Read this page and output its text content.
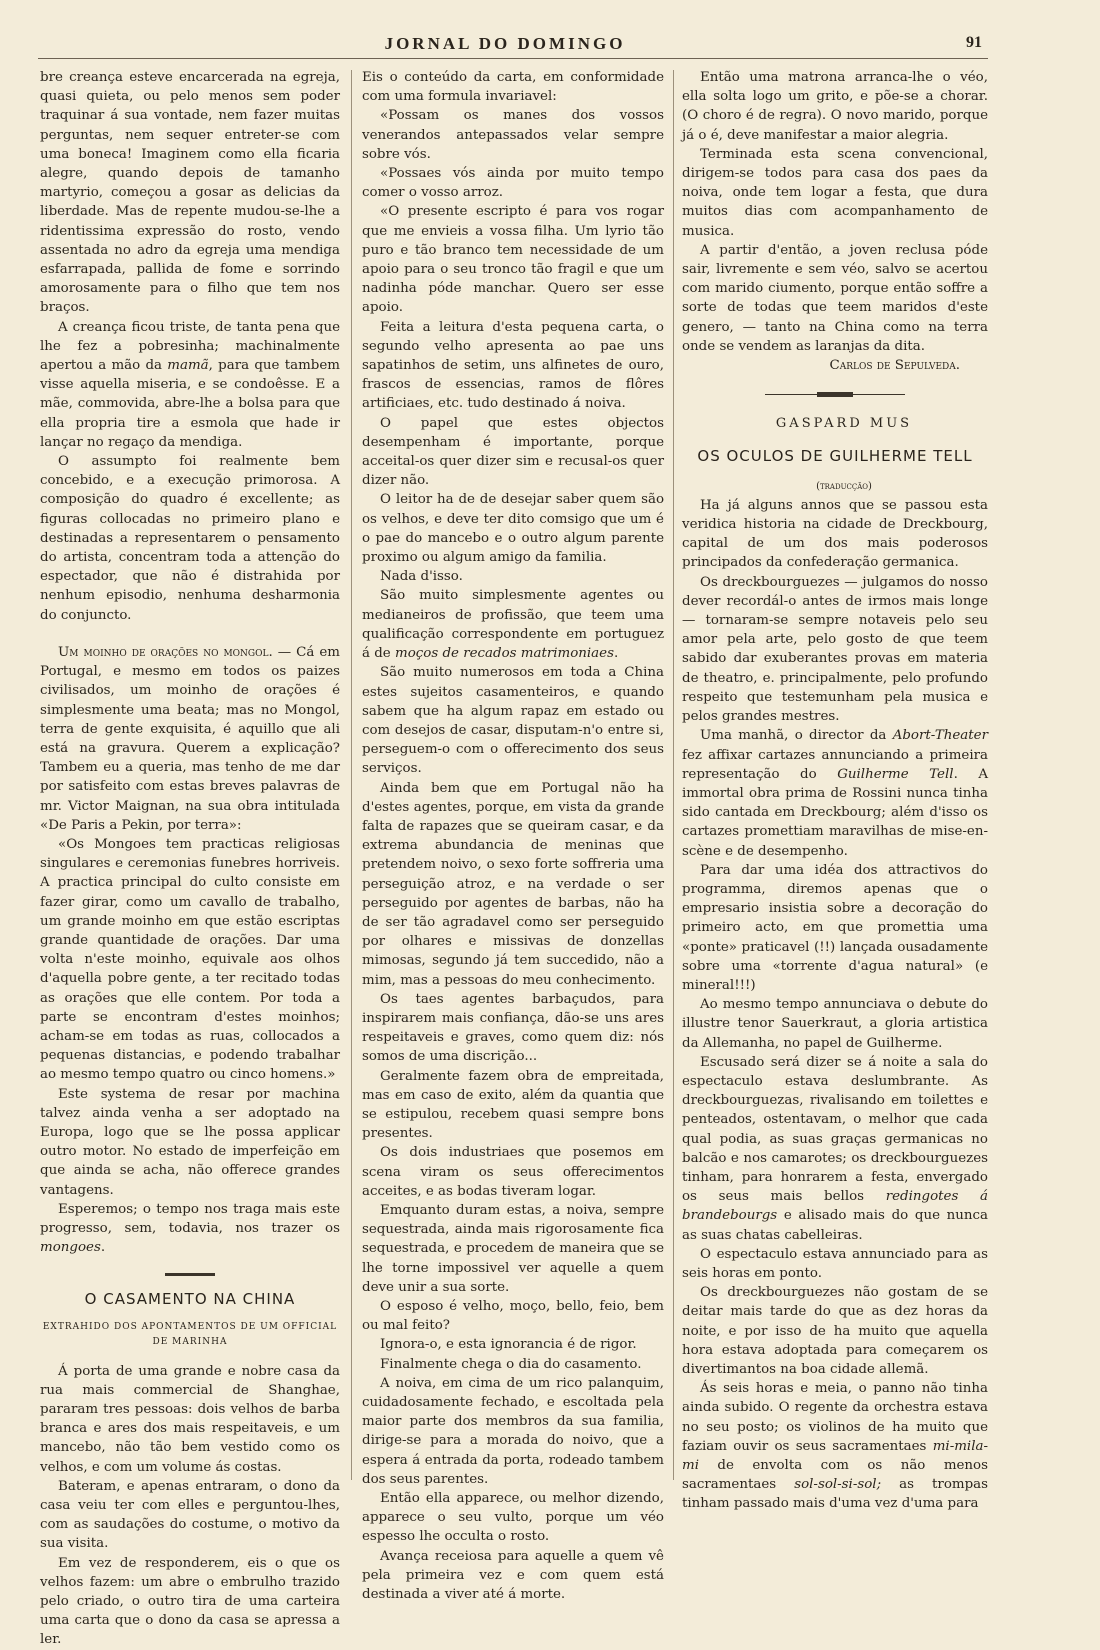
JORNAL DO DOMINGO	91

bre creança esteve encarcerada na egreja, quasi quieta, ou pelo menos sem poder traquinar á sua vontade, nem fazer muitas perguntas, nem sequer entreter-se com uma boneca! Imaginem como ella ficaria alegre, quando depois de tamanho martyrio, começou a gosar as delicias da liberdade. Mas de repente mudou-se-lhe a ridentissima expressão do rosto, vendo assentada no adro da egreja uma mendiga esfarrapada, pallida de fome e sorrindo amorosamente para o filho que tem nos braços.

A creança ficou triste, de tanta pena que lhe fez a pobresinha; machinalmente apertou a mão da mamã, para que tambem visse aquella miseria, e se condoêsse. E a mãe, commovida, abre-lhe a bolsa para que ella propria tire a esmola que hade ir lançar no regaço da mendiga.

O assumpto foi realmente bem concebido, e a execução primorosa. A composição do quadro é excellente; as figuras collocadas no primeiro plano e destinadas a representarem o pensamento do artista, concentram toda a attenção do espectador, que não é distrahida por nenhum episodio, nenhuma desharmonia do conjuncto.

Um moinho de orações no mongol. — Cá em Portugal, e mesmo em todos os paizes civilisados, um moinho de orações é simplesmente uma beata; mas no Mongol, terra de gente exquisita, é aquillo que ali está na gravura. Querem a explicação? Tambem eu a queria, mas tenho de me dar por satisfeito com estas breves palavras de mr. Victor Maignan, na sua obra intitulada «De Paris a Pekin, por terra»:

«Os Mongoes tem practicas religiosas singulares e ceremonias funebres horriveis. A practica principal do culto consiste em fazer girar, como um cavallo de trabalho, um grande moinho em que estão escriptas grande quantidade de orações. Dar uma volta n'este moinho, equivale aos olhos d'aquella pobre gente, a ter recitado todas as orações que elle contem. Por toda a parte se encontram d'estes moinhos; acham-se em todas as ruas, collocados a pequenas distancias, e podendo trabalhar ao mesmo tempo quatro ou cinco homens.»

Este systema de resar por machina talvez ainda venha a ser adoptado na Europa, logo que se lhe possa applicar outro motor. No estado de imperfeição em que ainda se acha, não offerece grandes vantagens.

Esperemos; o tempo nos traga mais este progresso, sem, todavia, nos trazer os mongoes.

O CASAMENTO NA CHINA
EXTRAHIDO DOS APONTAMENTOS DE UM OFFICIAL DE MARINHA

Á porta de uma grande e nobre casa da rua mais commercial de Shanghae, pararam tres pessoas: dois velhos de barba branca e ares dos mais respeitaveis, e um mancebo, não tão bem vestido como os velhos, e com um volume ás costas.

Bateram, e apenas entraram, o dono da casa veiu ter com elles e perguntou-lhes, com as saudações do costume, o motivo da sua visita.

Em vez de responderem, eis o que os velhos fazem: um abre o embrulho trazido pelo criado, o outro tira de uma carteira uma carta que o dono da casa se apressa a ler.

Eis o conteúdo da carta, em conformidade com uma formula invariavel:

«Possam os manes dos vossos venerandos antepassados velar sempre sobre vós.

«Possaes vós ainda por muito tempo comer o vosso arroz.

«O presente escripto é para vos rogar que me envieis a vossa filha. Um lyrio tão puro e tão branco tem necessidade de um apoio para o seu tronco tão fragil e que um nadinha póde manchar. Quero ser esse apoio.

Feita a leitura d'esta pequena carta, o segundo velho apresenta ao pae uns sapatinhos de setim, uns alfinetes de ouro, frascos de essencias, ramos de flôres artificiaes, etc. tudo destinado á noiva.

O papel que estes objectos desempenham é importante, porque acceital-os quer dizer sim e recusal-os quer dizer não.

O leitor ha de de desejar saber quem são os velhos, e deve ter dito comsigo que um é o pae do mancebo e o outro algum parente proximo ou algum amigo da familia.

Nada d'isso.

São muito simplesmente agentes ou medianeiros de profissão, que teem uma qualificação correspondente em portuguez á de moços de recados matrimoniaes.

São muito numerosos em toda a China estes sujeitos casamenteiros, e quando sabem que ha algum rapaz em estado ou com desejos de casar, disputam-n'o entre si, perseguem-o com o offerecimento dos seus serviços.

Ainda bem que em Portugal não ha d'estes agentes, porque, em vista da grande falta de rapazes que se queiram casar, e da extrema abundancia de meninas que pretendem noivo, o sexo forte soffreria uma perseguição atroz, e na verdade o ser perseguido por agentes de barbas, não ha de ser tão agradavel como ser perseguido por olhares e missivas de donzellas mimosas, segundo já tem succedido, não a mim, mas a pessoas do meu conhecimento.

Os taes agentes barbaçudos, para inspirarem mais confiança, dão-se uns ares respeitaveis e graves, como quem diz: nós somos de uma discrição...

Geralmente fazem obra de empreitada, mas em caso de exito, além da quantia que se estipulou, recebem quasi sempre bons presentes.

Os dois industriaes que posemos em scena viram os seus offerecimentos acceites, e as bodas tiveram logar.

Emquanto duram estas, a noiva, sempre sequestrada, ainda mais rigorosamente fica sequestrada, e procedem de maneira que se lhe torne impossivel ver aquelle a quem deve unir a sua sorte.

O esposo é velho, moço, bello, feio, bem ou mal feito?

Ignora-o, e esta ignorancia é de rigor.

Finalmente chega o dia do casamento.

A noiva, em cima de um rico palanquim, cuidadosamente fechado, e escoltada pela maior parte dos membros da sua familia, dirige-se para a morada do noivo, que a espera á entrada da porta, rodeado tambem dos seus parentes.

Então ella apparece, ou melhor dizendo, apparece o seu vulto, porque um véo espesso lhe occulta o rosto.

Avança receiosa para aquelle a quem vê pela primeira vez e com quem está destinada a viver até á morte.

Então uma matrona arranca-lhe o véo, ella solta logo um grito, e põe-se a chorar. (O choro é de regra). O novo marido, porque já o é, deve manifestar a maior alegria.

Terminada esta scena convencional, dirigem-se todos para casa dos paes da noiva, onde tem logar a festa, que dura muitos dias com acompanhamento de musica.

A partir d'então, a joven reclusa póde sair, livremente e sem véo, salvo se acertou com marido ciumento, porque então soffre a sorte de todas que teem maridos d'este genero, — tanto na China como na terra onde se vendem as laranjas da dita.

Carlos de Sepulveda.

GASPARD MUS

OS OCULOS DE GUILHERME TELL

(traducção)

Ha já alguns annos que se passou esta veridica historia na cidade de Dreckbourg, capital de um dos mais poderosos principados da confederação germanica.

Os dreckbourguezes — julgamos do nosso dever recordál-o antes de irmos mais longe — tornaram-se sempre notaveis pelo seu amor pela arte, pelo gosto de que teem sabido dar exuberantes provas em materia de theatro, e. principalmente, pelo profundo respeito que testemunham pela musica e pelos grandes mestres.

Uma manhã, o director da Abort-Theater fez affixar cartazes annunciando a primeira representação do Guilherme Tell. A immortal obra prima de Rossini nunca tinha sido cantada em Dreckbourg; além d'isso os cartazes promettiam maravilhas de mise-en-scène e de desempenho.

Para dar uma idéa dos attractivos do programma, diremos apenas que o empresario insistia sobre a decoração do primeiro acto, em que promettia uma «ponte» praticavel (!!) lançada ousadamente sobre uma «torrente d'agua natural» (e mineral!!!)

Ao mesmo tempo annunciava o debute do illustre tenor Sauerkraut, a gloria artistica da Allemanha, no papel de Guilherme.

Escusado será dizer se á noite a sala do espectaculo estava deslumbrante. As dreckbourguezas, rivalisando em toilettes e penteados, ostentavam, o melhor que cada qual podia, as suas graças germanicas no balcão e nos camarotes; os dreckbourguezes tinham, para honrarem a festa, envergado os seus mais bellos redingotes á brandebourgs e alisado mais do que nunca as suas chatas cabelleiras.

O espectaculo estava annunciado para as seis horas em ponto.

Os dreckbourguezes não gostam de se deitar mais tarde do que as dez horas da noite, e por isso de ha muito que aquella hora estava adoptada para começarem os divertimantos na boa cidade allemã.

Ás seis horas e meia, o panno não tinha ainda subido. O regente da orchestra estava no seu posto; os violinos de ha muito que faziam ouvir os seus sacramentaes mi-mila-mi de envolta com os não menos sacramentaes sol-sol-si-sol; as trompas tinham passado mais d'uma vez d'uma para
